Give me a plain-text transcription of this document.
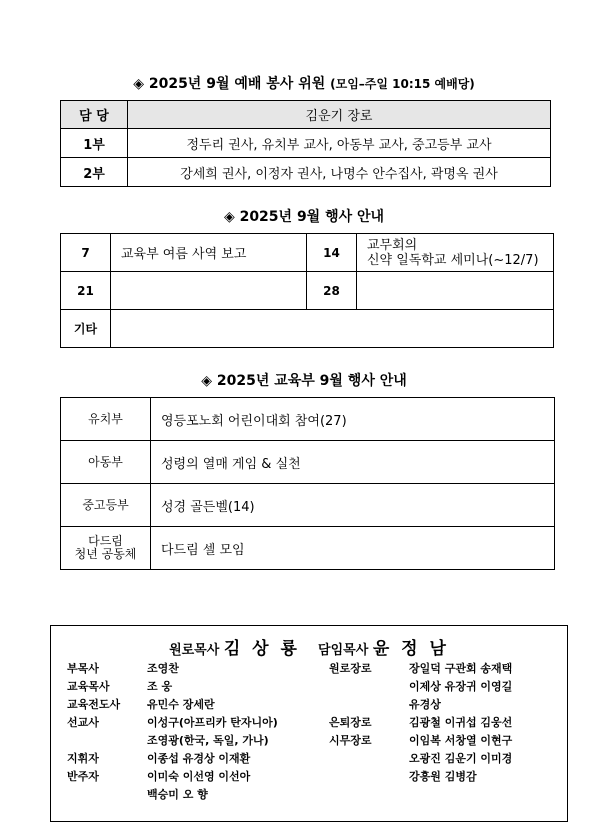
◈ 2025년 9월 예배 봉사 위원 (모임–주일 10:15 예배당)
담 당	김운기 장로
1부	정두리 권사, 유치부 교사, 아동부 교사, 중고등부 교사
2부	강세희 권사, 이정자 권사, 나명수 안수집사, 곽명옥 권사
◈ 2025년 9월 행사 안내
7	교육부 여름 사역 보고	14	교무회의
신약 일독학교 세미나(~12/7)

21		28	

기타			
◈ 2025년 교육부 9월 행사 안내
유치부	영등포노회 어린이대회 참여(27)
아동부	성령의 열매 게임 & 실천
중고등부	성경 골든벨(14)

다드림
청년 공동체	다드림 셀 모임
원로목사 김 상 룡 담임목사 윤 정 남
부목사	조영찬
교육목사	조 웅
교육전도사 유민수 장세란
선교사	이성구(아프리카 탄자니아)
조영광(한국, 독일, 가나)
지휘자	이종섭 유경상 이재환
반주자	이미숙 이선영 이선아
백승미 오 향
원로장로	장일덕 구관회 송재택
이제상 유장귀 이영길
유경상
은퇴장로	김광철 이귀섭 김웅선
시무장로	이임복 서창열 이현구
오광진 김운기 이미경
강흥원 김병감
